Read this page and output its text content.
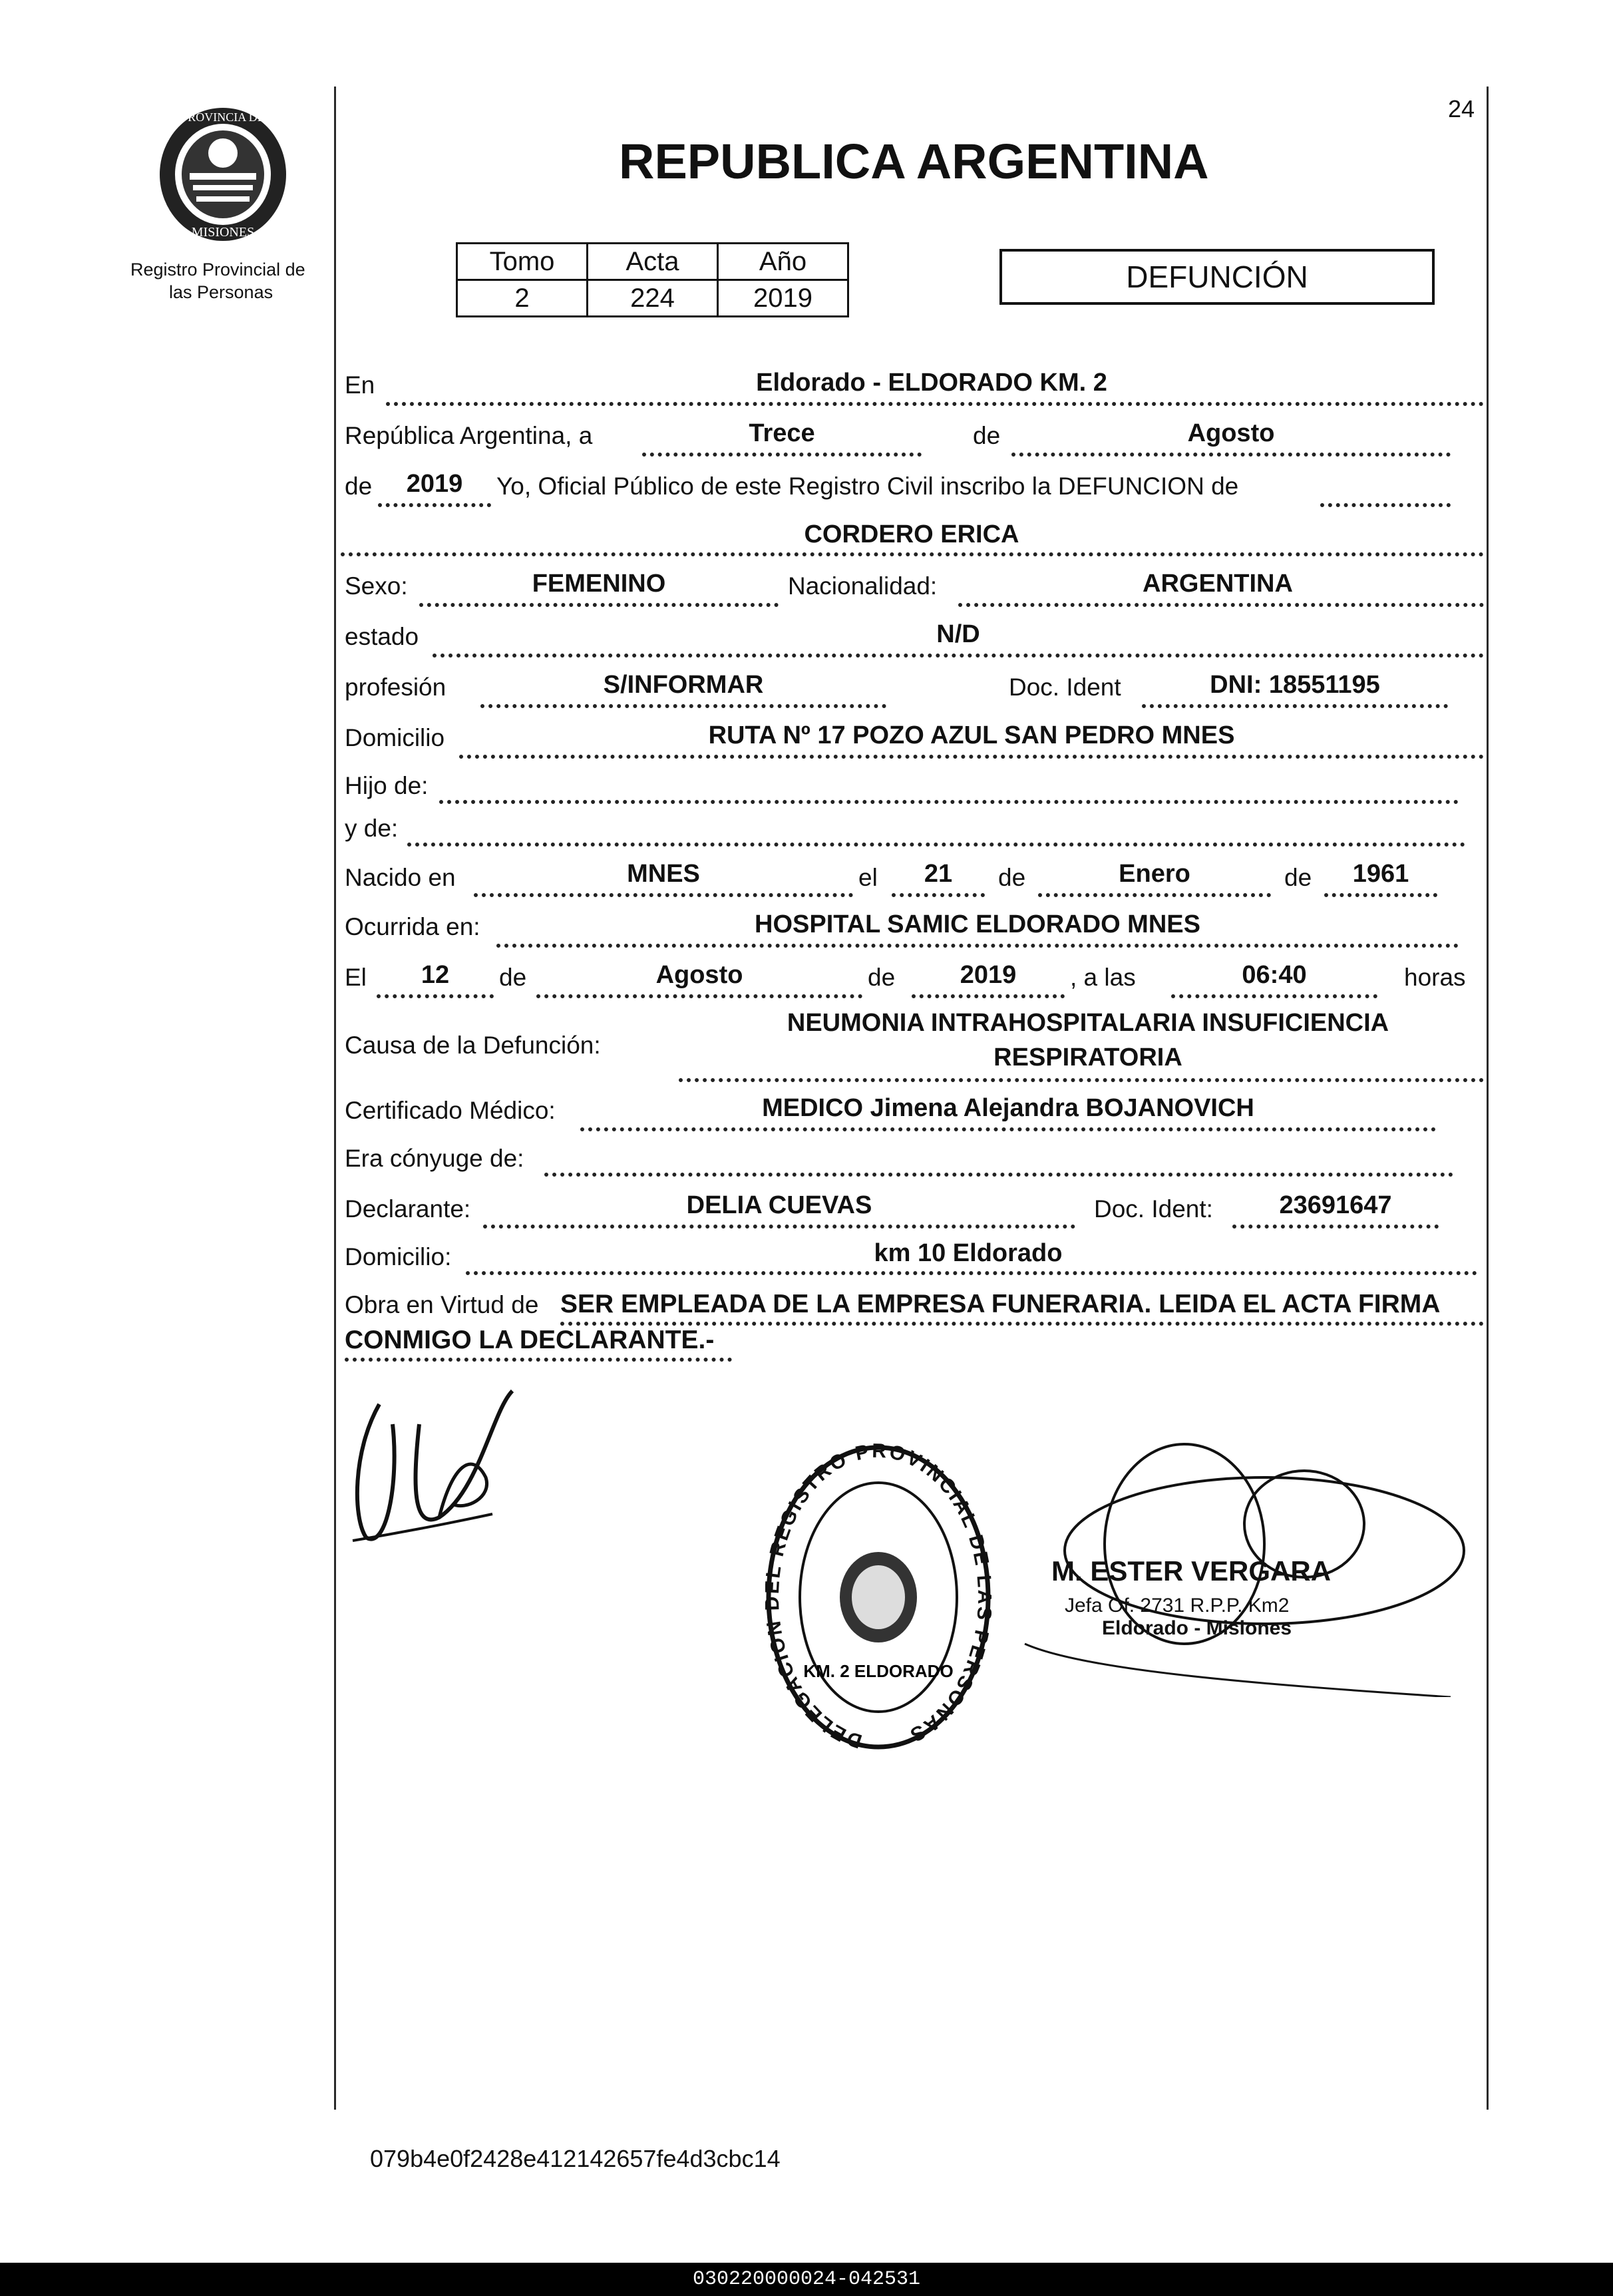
24
PROVINCIA DE
MISIONES
Registro Provincial de
las Personas
REPUBLICA ARGENTINA
Tomo	Acta	Año
2	224	2019
DEFUNCIÓN
En	Eldorado - ELDORADO KM. 2
República Argentina, a	Trece	de	Agosto
de	2019	Yo, Oficial Público de este Registro Civil inscribo la DEFUNCION de
CORDERO ERICA
Sexo:	FEMENINO	Nacionalidad:	ARGENTINA
estado	N/D
profesión	S/INFORMAR	Doc. Ident	DNI: 18551195
Domicilio	RUTA Nº 17 POZO AZUL SAN PEDRO MNES
Hijo de:
y de:
Nacido en	MNES	el	21	de	Enero	de	1961
Ocurrida en:	HOSPITAL SAMIC ELDORADO MNES
El	12	de	Agosto	de	2019	, a las	06:40	horas
Causa de la Defunción:
NEUMONIA INTRAHOSPITALARIA INSUFICIENCIA
RESPIRATORIA
Certificado Médico:	MEDICO Jimena Alejandra BOJANOVICH
Era cónyuge de:
Declarante:	DELIA CUEVAS	Doc. Ident:	23691647
Domicilio:	km 10 Eldorado
Obra en Virtud de SER EMPLEADA DE LA EMPRESA FUNERARIA. LEIDA EL ACTA FIRMA
CONMIGO LA DECLARANTE.-
DELEGACIO REGISTRO PROVINCIAL DE PERSONAS
KM. 2 ELDORADO
M. ESTER VERGARA
Jefa Of. 2731 R.P.P. Km2
Eldorado - Misiones
079b4e0f2428e412142657fe4d3cbc14
030220000024-042531
